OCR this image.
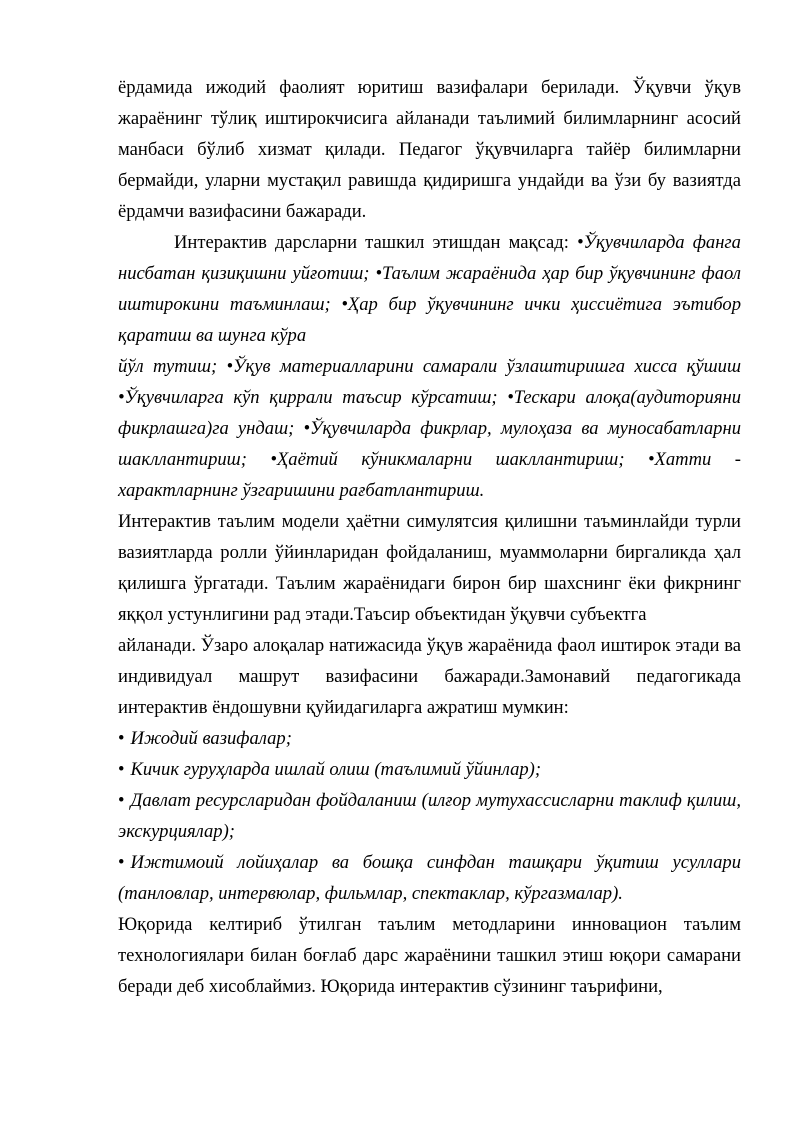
ёрдамида ижодий фаолият юритиш вазифалари берилади. Ўқувчи ўқув жараёнинг тўлиқ иштирокчисига айланади таълимий билимларнинг асосий манбаси бўлиб хизмат қилади. Педагог ўқувчиларга тайёр билимларни бермайди, уларни мустақил равишда қидиришга ундайди ва ўзи бу вазиятда ёрдамчи вазифасини бажаради.

Интерактив дарсларни ташкил этишдан мақсад: •Ўқувчиларда фанга нисбатан қизиқишни уйғотиш; •Таълим жараёнида ҳар бир ўқувчининг фаол иштирокини таъминлаш; •Ҳар бир ўқувчининг ички ҳиссиётига эътибор қаратиш ва шунга кўра

йўл тутиш; •Ўқув материалларини самарали ўзлаштиришга хисса қўшиш •Ўқувчиларга кўп қиррали таъсир кўрсатиш; •Тескари алоқа(аудиторияни фикрлашга)га ундаш; •Ўқувчиларда фикрлар, мулоҳаза ва муносабатларни шакллантириш; •Ҳаётий кўникмаларни шакллантириш; •Хатти - характларнинг ўзгаришини рағбатлантириш.

Интерактив таълим модели ҳаётни симулятсия қилишни таъминлайди турли вазиятларда ролли ўйинларидан фойдаланиш, муаммоларни биргаликда ҳал қилишга ўргатади. Таълим жараёнидаги бирон бир шахснинг ёки фикрнинг яққол устунлигини рад этади.Таъсир объектидан ўқувчи субъектга

айланади. Ўзаро алоқалар натижасида ўқув жараёнида фаол иштирок этади ва индивидуал машрут вазифасини бажаради.Замонавий педагогикада интерактив ёндошувни қуйидагиларга ажратиш мумкин:

• Ижодий вазифалар;

• Кичик гуруҳларда ишлай олиш (таълимий ўйинлар);

• Давлат ресурсларидан фойдаланиш (илғор мутухассисларни таклиф қилиш, экскурциялар);

• Ижтимоий лойиҳалар ва бошқа синфдан ташқари ўқитиш усуллари (танловлар, интервюлар, фильмлар, спектаклар, кўргазмалар).

Юқорида келтириб ўтилган таълим методларини инновацион таълим технологиялари билан боғлаб дарс жараёнини ташкил этиш юқори самарани беради деб хисоблаймиз. Юқорида интерактив сўзининг таърифини,
